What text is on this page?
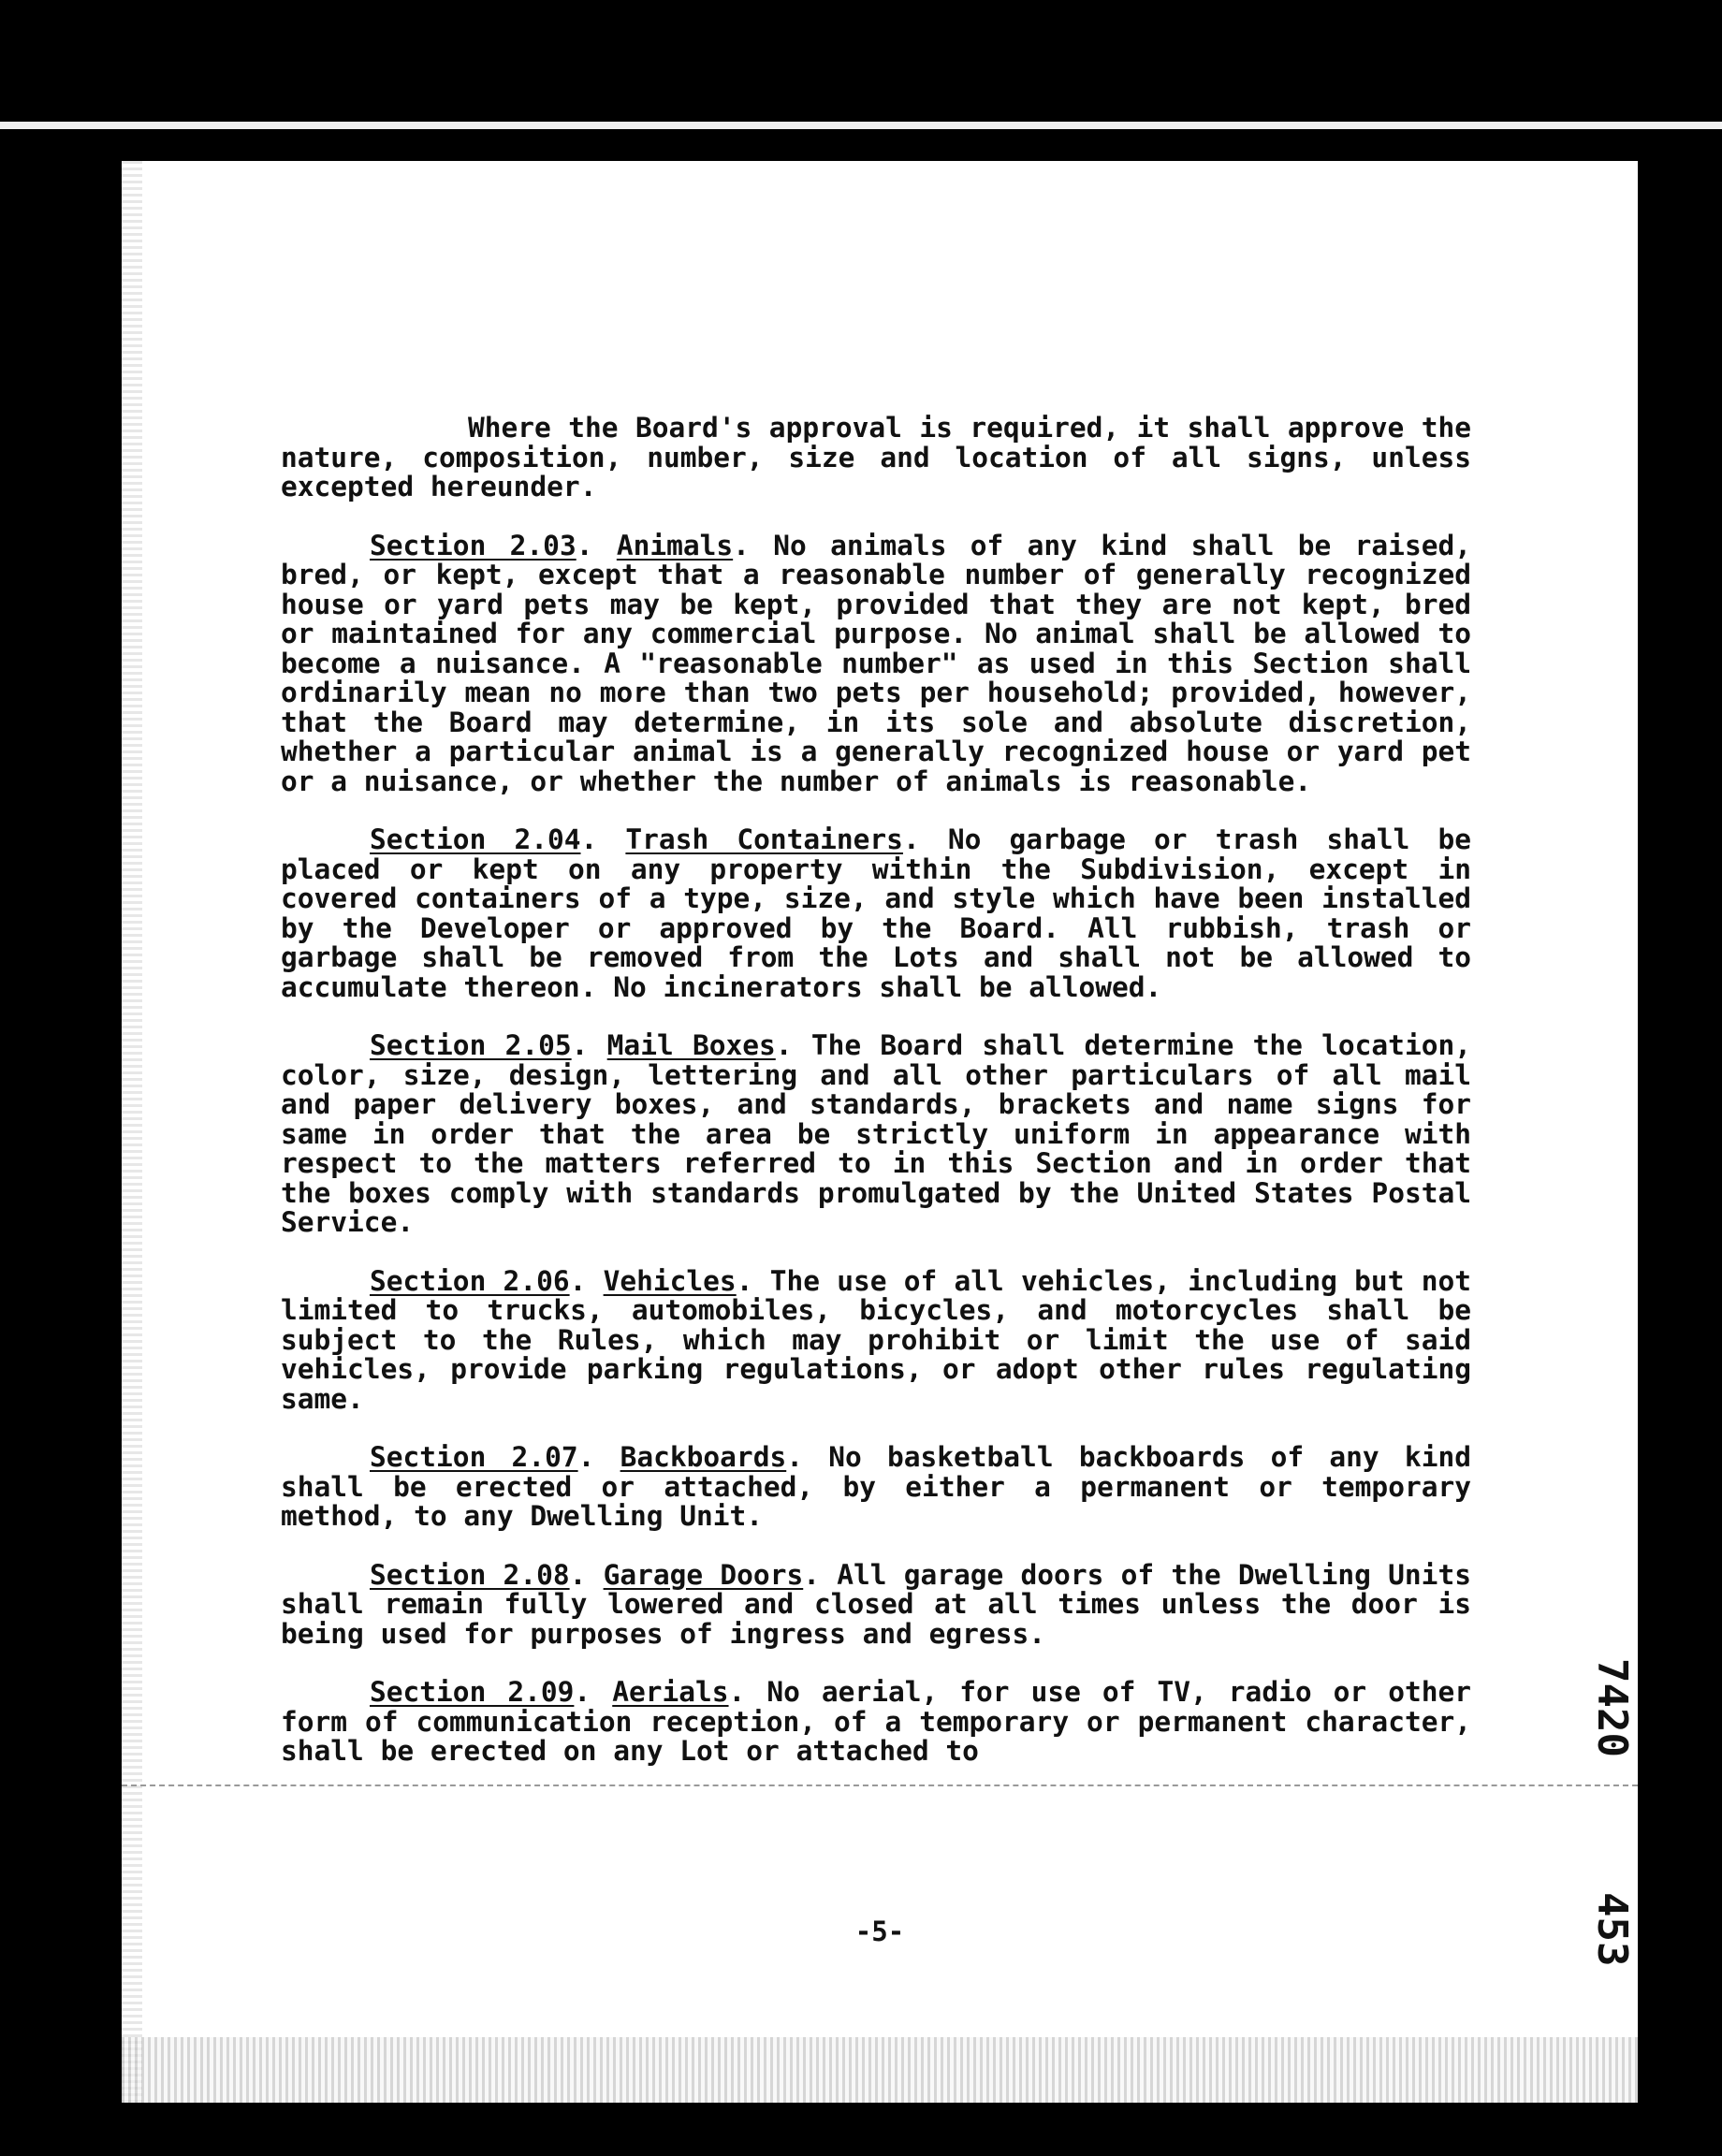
Where the Board's approval is required, it shall approve the nature, composition, number, size and location of all signs, unless excepted hereunder.

Section 2.03. Animals. No animals of any kind shall be raised, bred, or kept, except that a reasonable number of generally recognized house or yard pets may be kept, provided that they are not kept, bred or maintained for any commercial purpose. No animal shall be allowed to become a nuisance. A "reasonable number" as used in this Section shall ordinarily mean no more than two pets per household; provided, however, that the Board may determine, in its sole and absolute discretion, whether a particular animal is a generally recognized house or yard pet or a nuisance, or whether the number of animals is reasonable.

Section 2.04. Trash Containers. No garbage or trash shall be placed or kept on any property within the Subdivision, except in covered containers of a type, size, and style which have been installed by the Developer or approved by the Board. All rubbish, trash or garbage shall be removed from the Lots and shall not be allowed to accumulate thereon. No incinerators shall be allowed.

Section 2.05. Mail Boxes. The Board shall determine the location, color, size, design, lettering and all other particulars of all mail and paper delivery boxes, and standards, brackets and name signs for same in order that the area be strictly uniform in appearance with respect to the matters referred to in this Section and in order that the boxes comply with standards promulgated by the United States Postal Service.

Section 2.06. Vehicles. The use of all vehicles, including but not limited to trucks, automobiles, bicycles, and motorcycles shall be subject to the Rules, which may prohibit or limit the use of said vehicles, provide parking regulations, or adopt other rules regulating same.

Section 2.07. Backboards. No basketball backboards of any kind shall be erected or attached, by either a permanent or temporary method, to any Dwelling Unit.

Section 2.08. Garage Doors. All garage doors of the Dwelling Units shall remain fully lowered and closed at all times unless the door is being used for purposes of ingress and egress.

Section 2.09. Aerials. No aerial, for use of TV, radio or other form of communication reception, of a temporary or permanent character, shall be erected on any Lot or attached to

-5-
7420
453
